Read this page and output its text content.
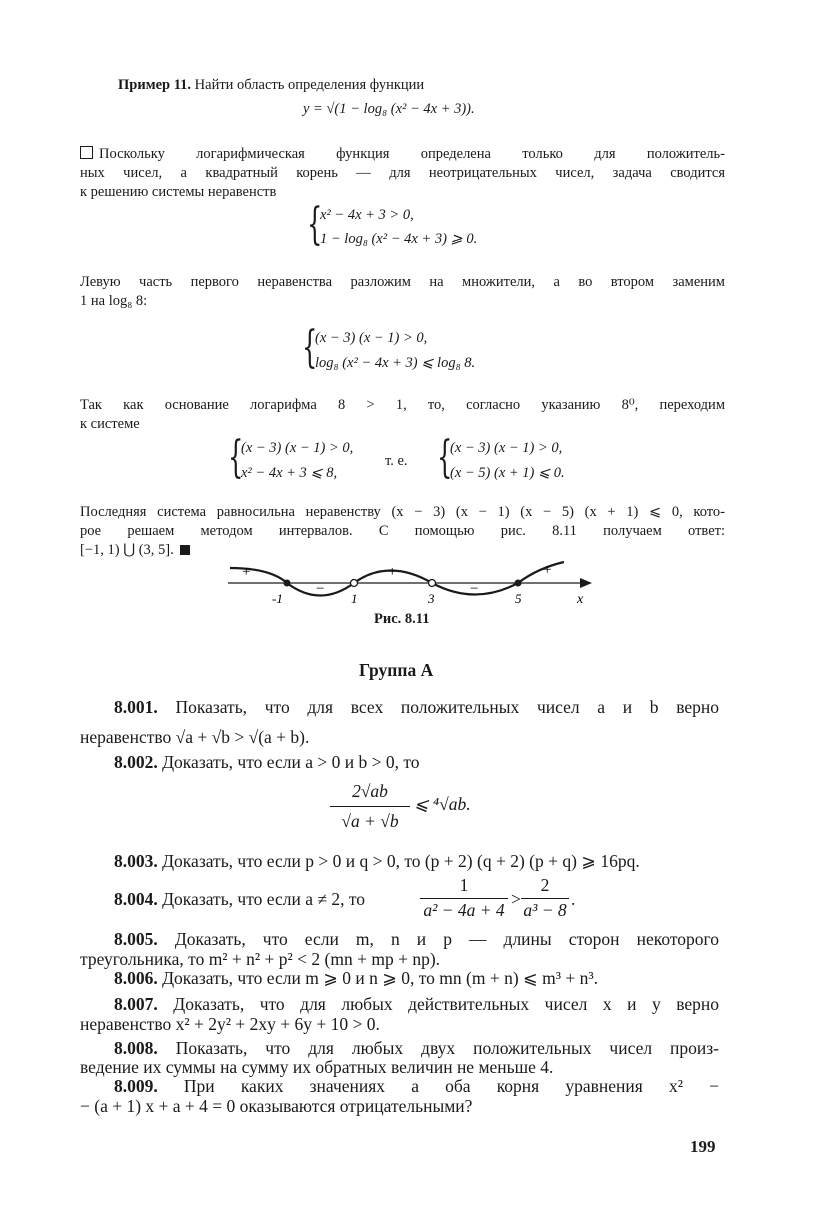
Пример 11. Найти область определения функции
y = √(1 − log₈ (x² − 4x + 3)).
Поскольку логарифмическая функция определена только для положитель-
ных чисел, а квадратный корень — для неотрицательных чисел, задача сводится
к решению системы неравенств
{
x² − 4x + 3 > 0,
1 − log₈ (x² − 4x + 3) ⩾ 0.
Левую часть первого неравенства разложим на множители, а во втором заменим
1 на log₈ 8:
{
(x − 3) (x − 1) > 0,
log₈ (x² − 4x + 3) ⩽ log₈ 8.
Так как основание логарифма 8 > 1, то, согласно указанию 8⁰, переходим
к системе
{
(x − 3) (x − 1) > 0,
x² − 4x + 3 ⩽ 8,
т. е. {
(x − 3) (x − 1) > 0,
(x − 5) (x + 1) ⩽ 0.
Последняя система равносильна неравенству (x − 3) (x − 1) (x − 5) (x + 1) ⩽ 0, кото-
рое решаем методом интервалов. С помощью рис. 8.11 получаем ответ:
[−1, 1) ⋃ (3, 5].
+
−
+
−
+
-1	1	3	5	x
Рис. 8.11
Группа А
8.001. Показать, что для всех положительных чисел a и b верно
неравенство √a + √b > √(a + b).
8.002. Доказать, что если a > 0 и b > 0, то
2√ab
√a + √b
⩽ ⁴√ab.
8.003. Доказать, что если p > 0 и q > 0, то (p + 2) (q + 2) (p + q) ⩾ 16pq.
8.004. Доказать, что если a ≠ 2, то
1
a² − 4a + 4
>
2
a³ − 8
.
8.005. Доказать, что если m, n и p — длины сторон некоторого
треугольника, то m² + n² + p² < 2 (mn + mp + np).
8.006. Доказать, что если m ⩾ 0 и n ⩾ 0, то mn (m + n) ⩽ m³ + n³.
8.007. Доказать, что для любых действительных чисел x и y верно
неравенство x² + 2y² + 2xy + 6y + 10 > 0.
8.008. Показать, что для любых двух положительных чисел произ-
ведение их суммы на сумму их обратных величин не меньше 4.
8.009. При каких значениях a оба корня уравнения x² −
− (a + 1) x + a + 4 = 0 оказываются отрицательными?
199
